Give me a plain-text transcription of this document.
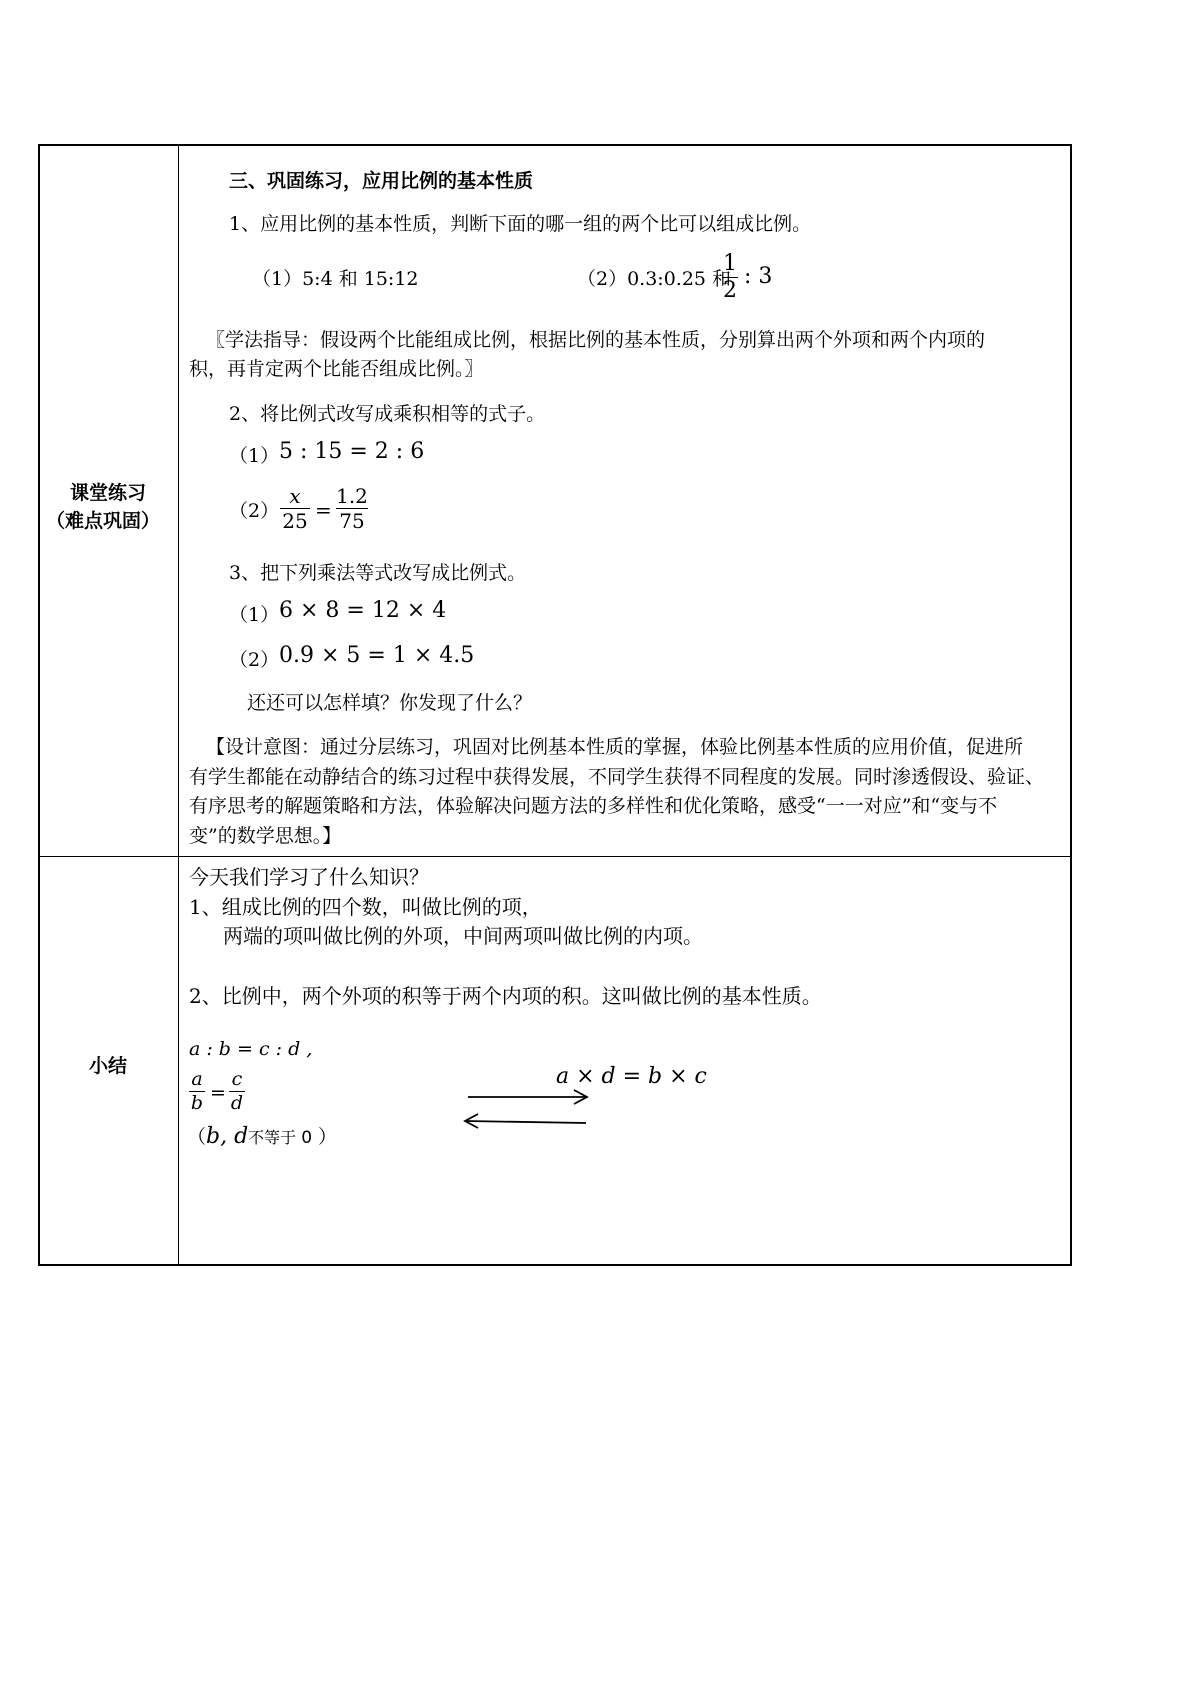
课堂练习
（难点巩固）
小结
三、巩固练习，应用比例的基本性质
1、应用比例的基本性质，判断下面的哪一组的两个比可以组成比例。
（1）5:4 和 15:12	（2）0.3:0.25 和
1
2
: 3
〖学法指导：假设两个比能组成比例，根据比例的基本性质，分别算出两个外项和两个内项的
积，再肯定两个比能否组成比例。〗
2、将比例式改写成乘积相等的式子。
（1） 5 : 15 = 2 : 6
（2）
x
25 =
1.2
75
3、把下列乘法等式改写成比例式。
（1） 6 × 8 = 12 × 4
（2） 0.9 × 5 = 1 × 4.5
还还可以怎样填？你发现了什么？
【设计意图：通过分层练习，巩固对比例基本性质的掌握，体验比例基本性质的应用价值，促进所
有学生都能在动静结合的练习过程中获得发展，不同学生获得不同程度的发展。同时渗透假设、验证、
有序思考的解题策略和方法，体验解决问题方法的多样性和优化策略，感受“一一对应”和“变与不
变”的数学思想。】
今天我们学习了什么知识？
1、组成比例的四个数，叫做比例的项，
两端的项叫做比例的外项，中间两项叫做比例的内项。
2、比例中，两个外项的积等于两个内项的积。这叫做比例的基本性质。
a : b = c : d ,
a
b =
c
d
a × d = b × c
（b, d不等于 0 ）
